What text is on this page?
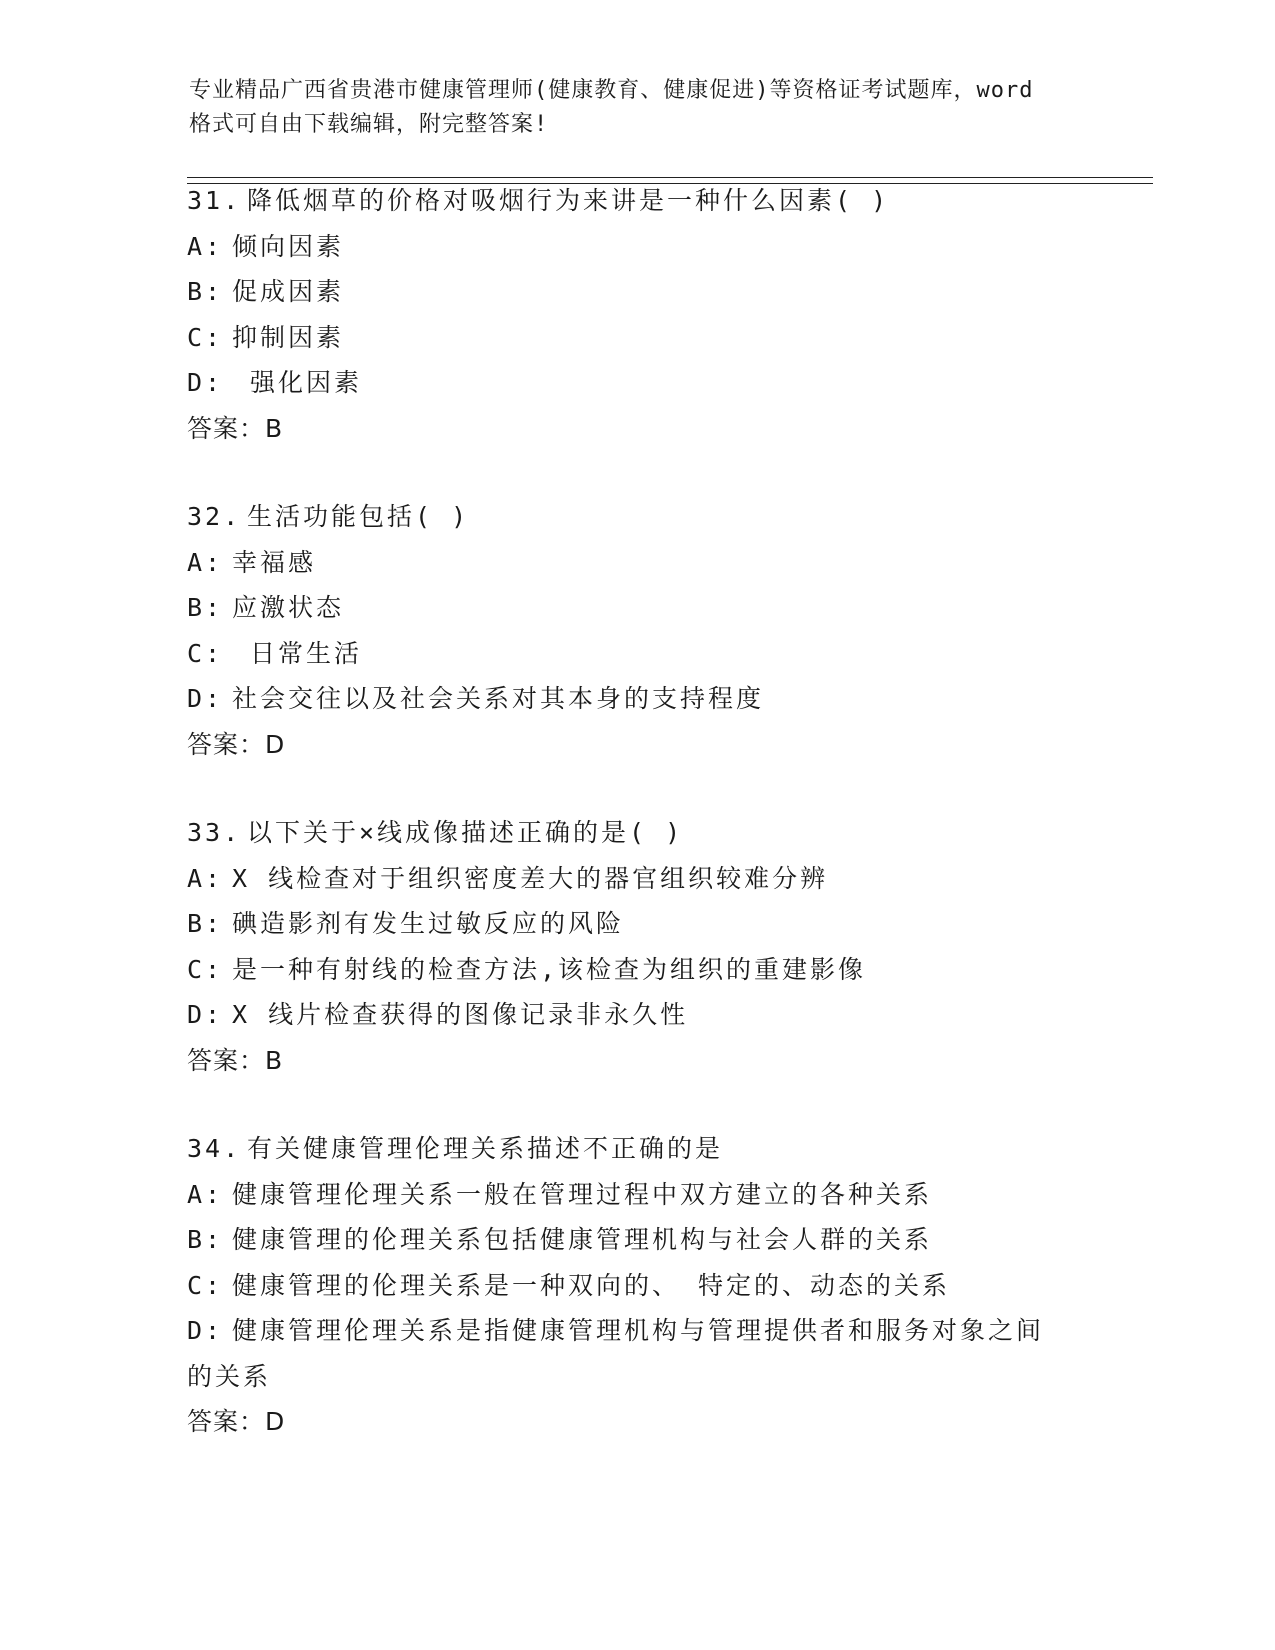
专业精品广西省贵港市健康管理师(健康教育、健康促进)等资格证考试题库，word
格式可自由下载编辑，附完整答案!
31. 降低烟草的价格对吸烟行为来讲是一种什么因素( )
A: 倾向因素
B: 促成因素
C: 抑制因素
D: 强化因素
答案：B
32. 生活功能包括( )
A: 幸福感
B: 应激状态
C: 日常生活
D: 社会交往以及社会关系对其本身的支持程度
答案：D
33. 以下关于×线成像描述正确的是( )
A: X 线检查对于组织密度差大的器官组织较难分辨
B: 碘造影剂有发生过敏反应的风险
C: 是一种有射线的检查方法,该检查为组织的重建影像
D: X 线片检查获得的图像记录非永久性
答案：B
34. 有关健康管理伦理关系描述不正确的是
A: 健康管理伦理关系一般在管理过程中双方建立的各种关系
B: 健康管理的伦理关系包括健康管理机构与社会人群的关系
C: 健康管理的伦理关系是一种双向的、 特定的、动态的关系
D: 健康管理伦理关系是指健康管理机构与管理提供者和服务对象之间
的关系
答案：D
